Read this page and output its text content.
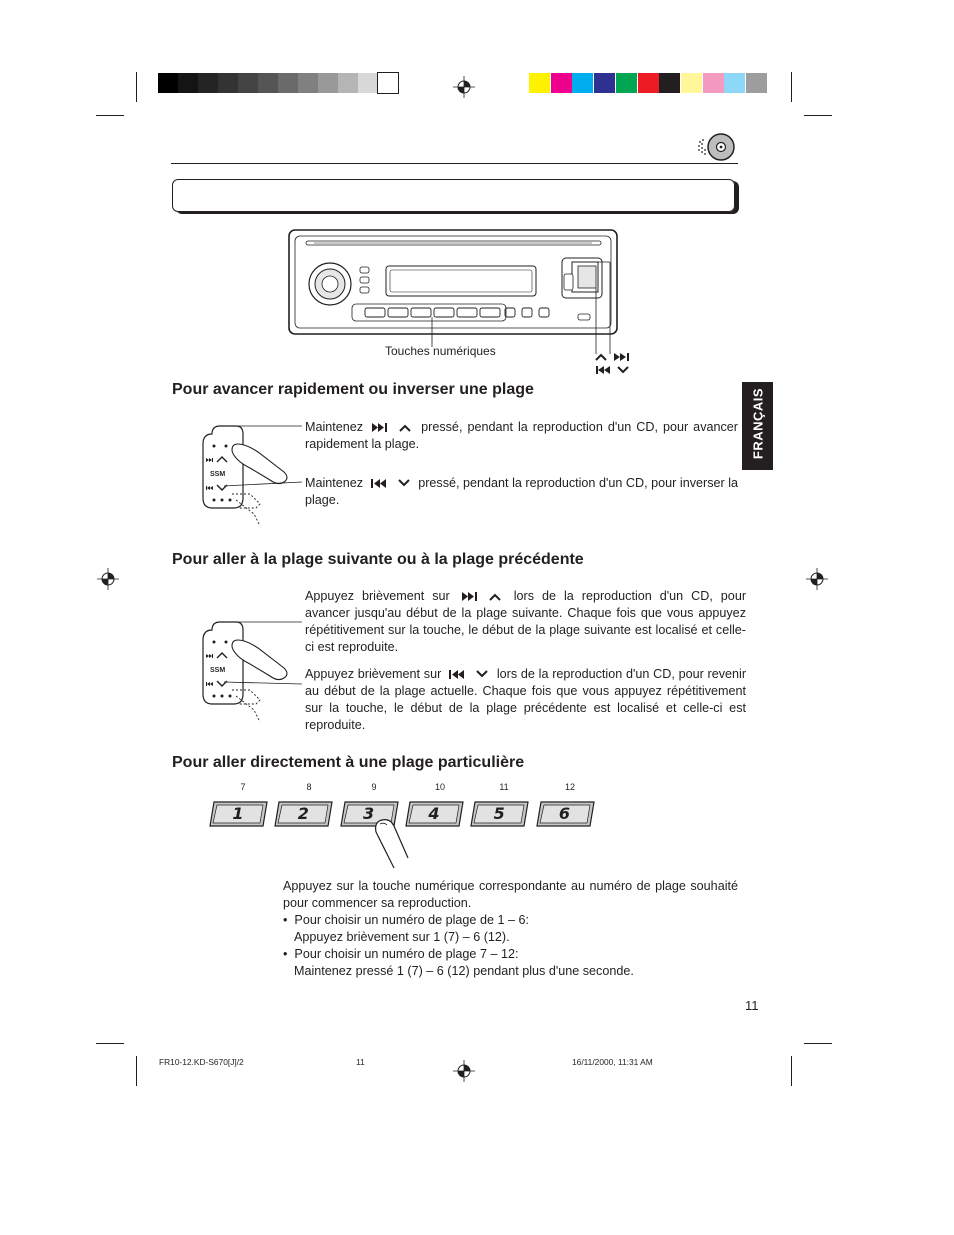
FRANÇAIS
Touches numériques
Pour avancer rapidement ou inverser une plage
SSM
Maintenez	pressé, pendant la reproduction d'un CD, pour avancer rapidement la plage.
Maintenez	pressé, pendant la reproduction d'un CD, pour inverser la plage.
Pour aller à la plage suivante ou à la plage précédente
SSM
Appuyez brièvement sur	lors de la reproduction d'un CD, pour avancer jusqu'au début de la plage suivante. Chaque fois que vous appuyez répétitivement sur la touche, le début de la plage suivante est localisé et celle-ci est reproduite.
Appuyez brièvement sur	lors de la reproduction d'un CD, pour revenir au début de la plage actuelle. Chaque fois que vous appuyez répétitivement sur la touche, le début de la plage précédente est localisé et celle-ci est reproduite.
Pour aller directement à une plage particulière
7	8	9	10	11	12
1	2	3	4	5	6
Appuyez sur la touche numérique correspondante au numéro de plage souhaité pour commencer sa reproduction.
•  Pour choisir un numéro de plage de 1 – 6:
Appuyez brièvement sur 1 (7) – 6 (12).
•  Pour choisir un numéro de plage 7 – 12:
Maintenez pressé 1 (7) – 6 (12) pendant plus d'une seconde.
11
FR10-12.KD-S670[J]/2	11	16/11/2000, 11:31 AM
